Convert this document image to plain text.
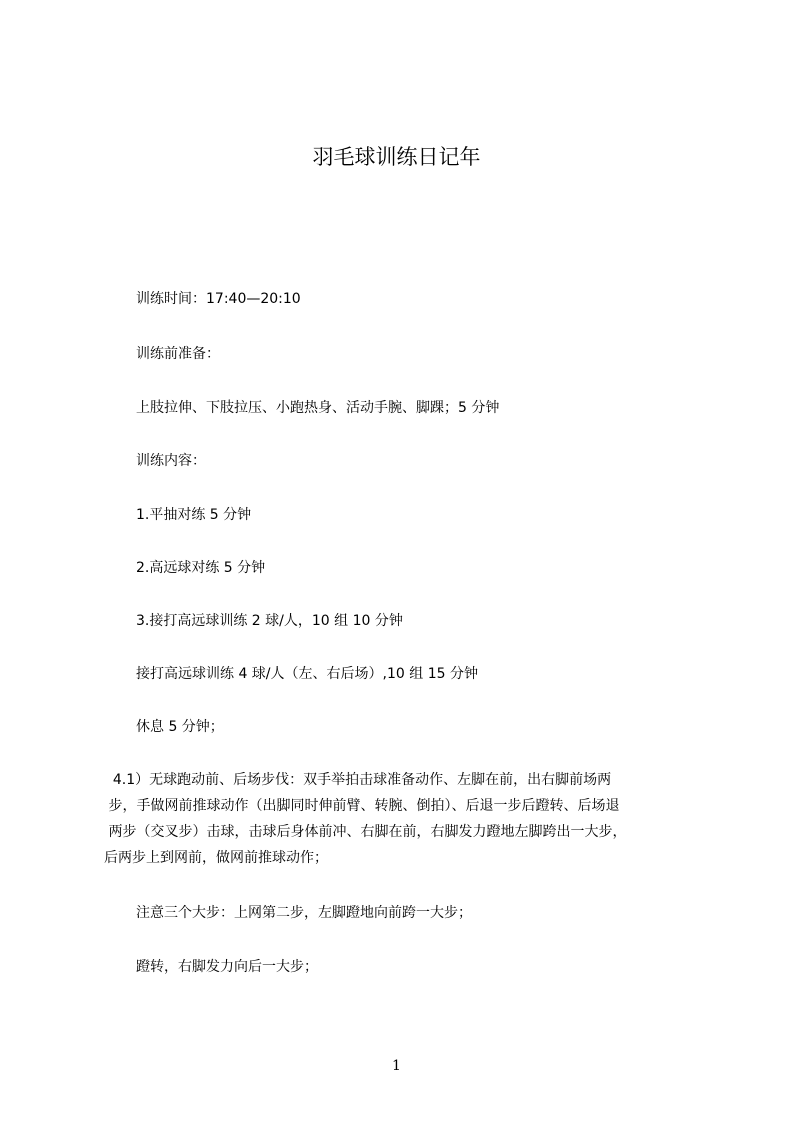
羽毛球训练日记年

训练时间：17:40—20:10

训练前准备：

上肢拉伸、下肢拉压、小跑热身、活动手腕、脚踝；5 分钟

训练内容：

1.平抽对练 5 分钟

2.高远球对练 5 分钟

3.接打高远球训练 2 球/人，10 组 10 分钟

接打高远球训练 4 球/人（左、右后场）,10 组 15 分钟

休息 5 分钟；

4.1）无球跑动前、后场步伐：双手举拍击球准备动作、左脚在前，出右脚前场两
步，手做网前推球动作（出脚同时伸前臂、转腕、倒拍）、后退一步后蹬转、后场退
两步（交叉步）击球，击球后身体前冲、右脚在前，右脚发力蹬地左脚跨出一大步，
后两步上到网前，做网前推球动作；

注意三个大步：上网第二步，左脚蹬地向前跨一大步；

蹬转，右脚发力向后一大步；

1
